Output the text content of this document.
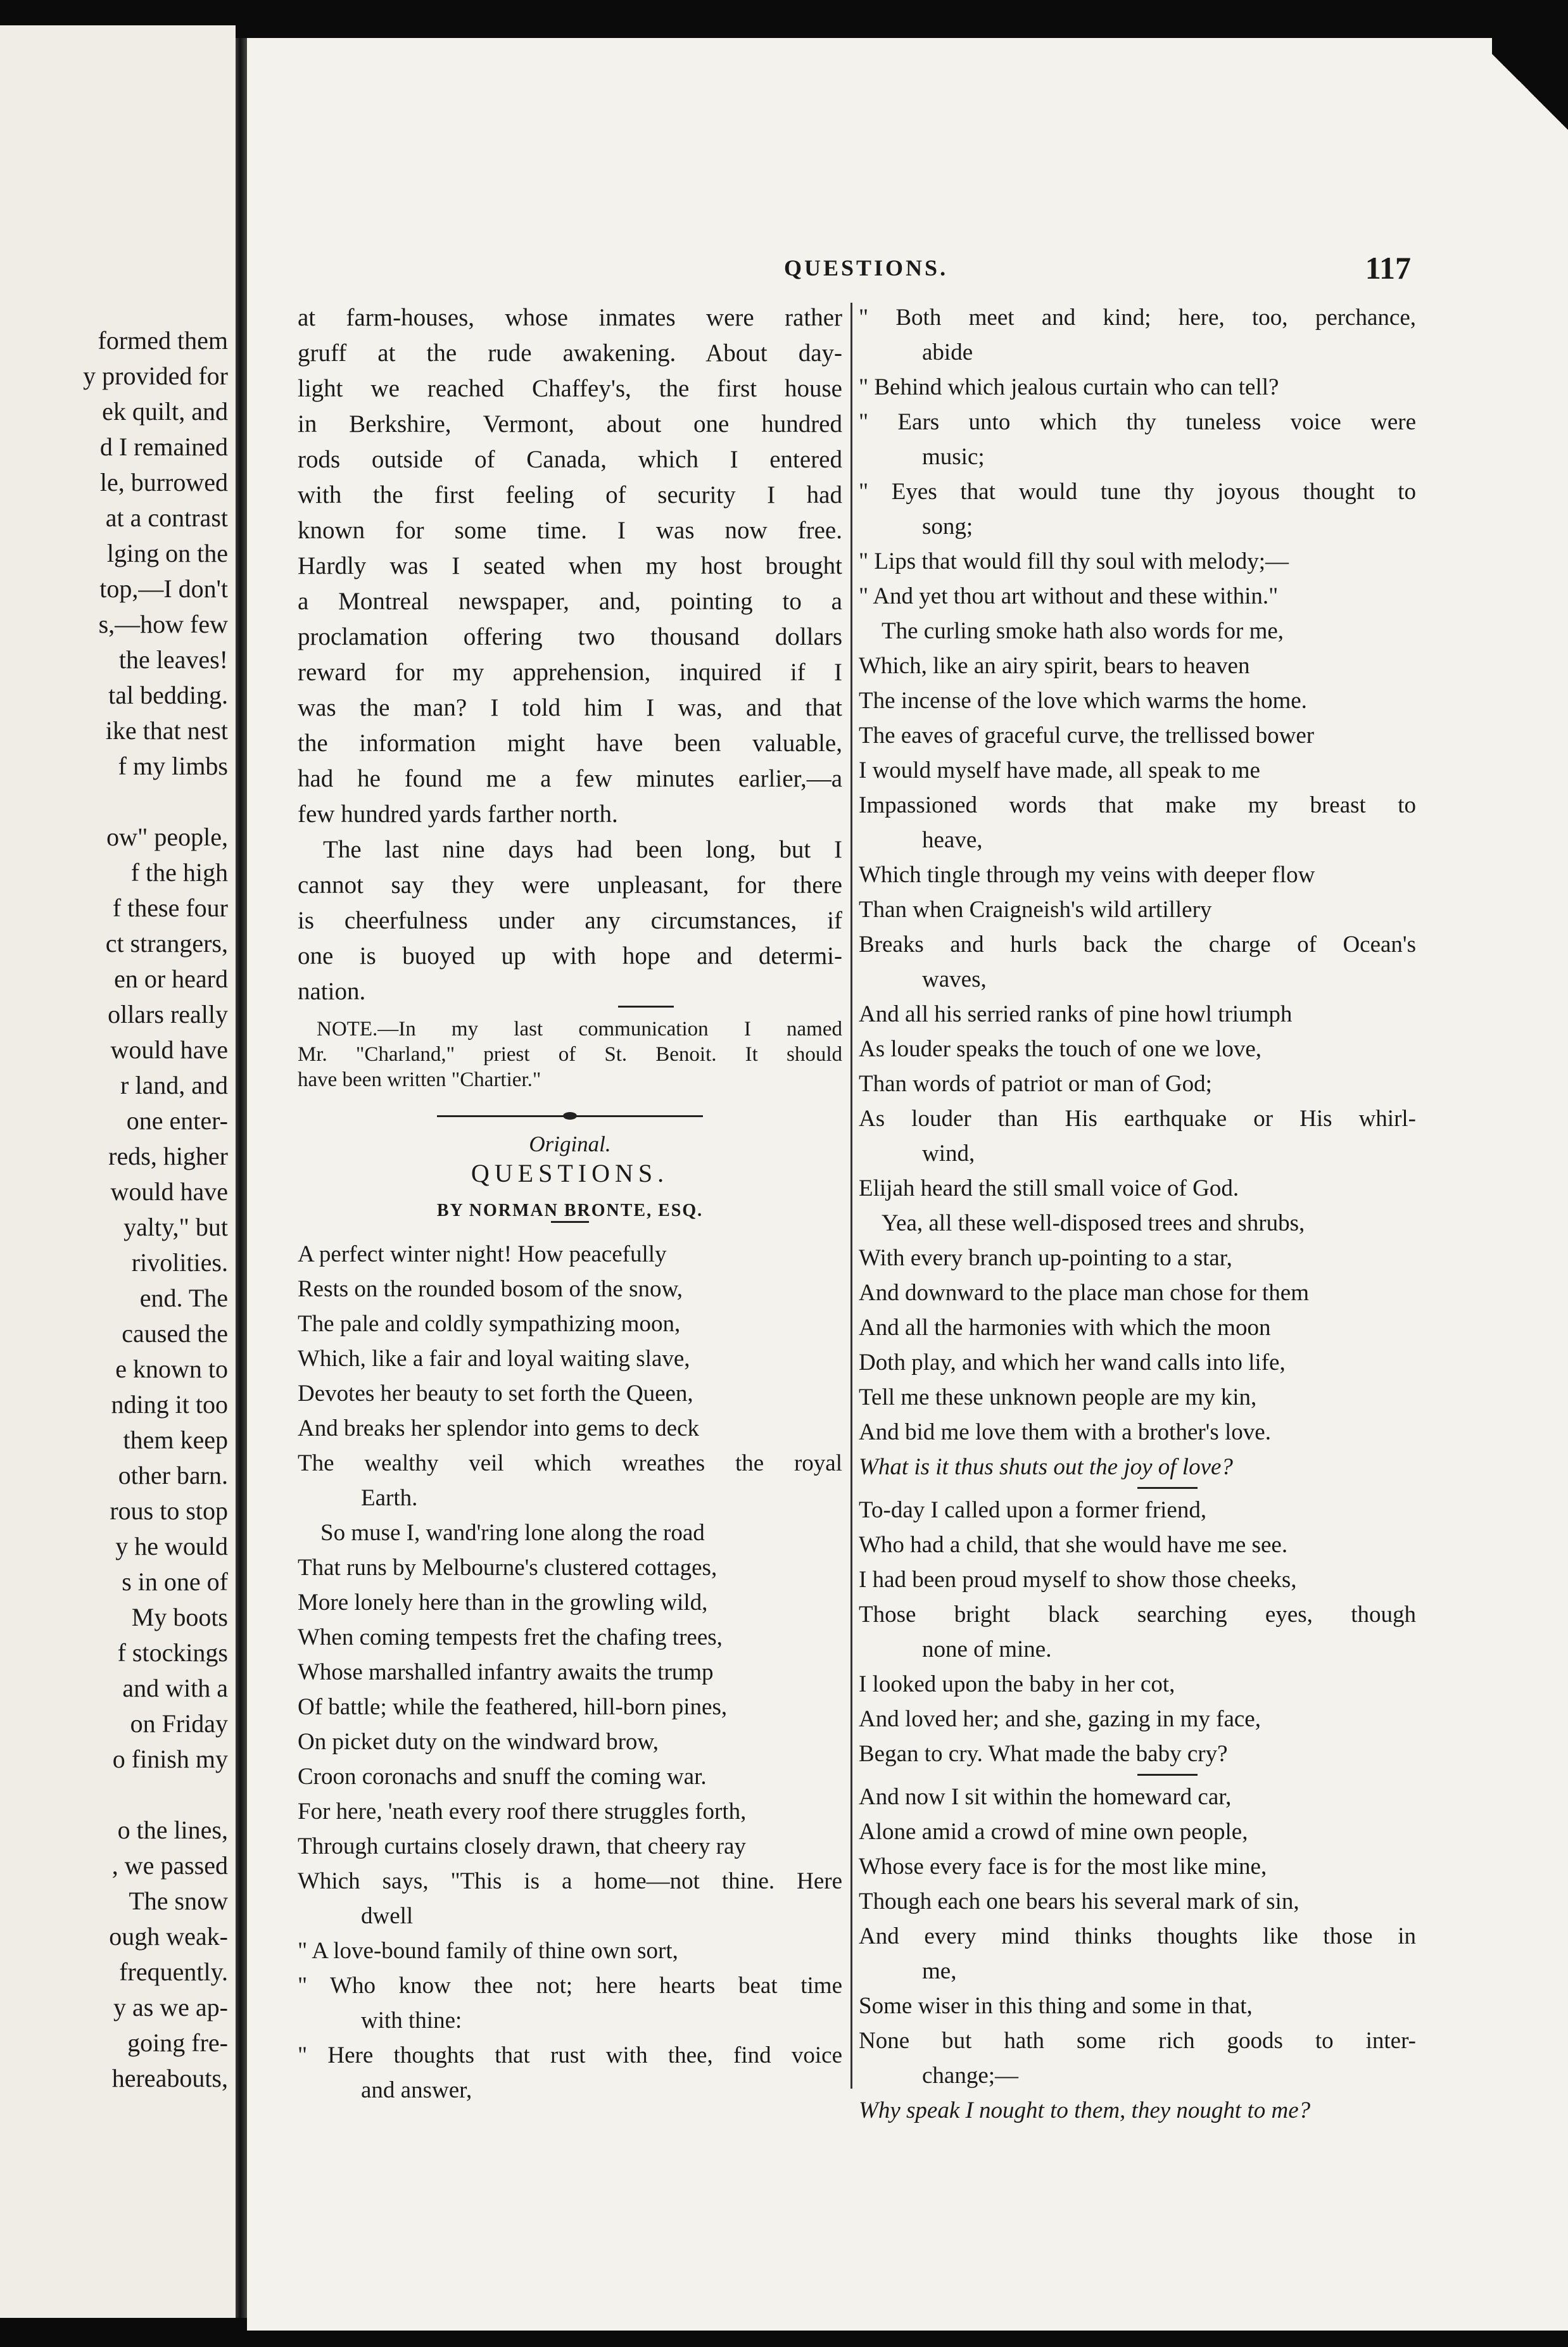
formed them
y provided for
ek quilt, and
d I remained
le, burrowed
at a contrast
lging on the
top,—I don't
s,—how few
the leaves!
tal bedding.
ike that nest
f my limbs
ow" people,
f the high
f these four
ct strangers,
en or heard
ollars really
would have
r land, and
one enter-
reds, higher
would have
yalty," but
rivolities.
end. The
caused the
e known to
nding it too
them keep
other barn.
rous to stop
y he would
s in one of
My boots
f stockings
and with a
on Friday
o finish my
o the lines,
, we passed
The snow
ough weak-
frequently.
y as we ap-
going fre-
hereabouts,
QUESTIONS.	117
at farm-houses, whose inmates were rather
gruff at the rude awakening. About day-
light we reached Chaffey's, the first house
in Berkshire, Vermont, about one hundred
rods outside of Canada, which I entered
with the first feeling of security I had
known for some time. I was now free.
Hardly was I seated when my host brought
a Montreal newspaper, and, pointing to a
proclamation offering two thousand dollars
reward for my apprehension, inquired if I
was the man? I told him I was, and that
the information might have been valuable,
had he found me a few minutes earlier,—a
few hundred yards farther north.
The last nine days had been long, but I
cannot say they were unpleasant, for there
is cheerfulness under any circumstances, if
one is buoyed up with hope and determi-
nation.
NOTE.—In my last communication I named
Mr. "Charland," priest of St. Benoit. It should
have been written "Chartier."
Original.
QUESTIONS.
BY NORMAN BRONTE, ESQ.
A perfect winter night! How peacefully
Rests on the rounded bosom of the snow,
The pale and coldly sympathizing moon,
Which, like a fair and loyal waiting slave,
Devotes her beauty to set forth the Queen,
And breaks her splendor into gems to deck
The wealthy veil which wreathes the royal
Earth.
So muse I, wand'ring lone along the road
That runs by Melbourne's clustered cottages,
More lonely here than in the growling wild,
When coming tempests fret the chafing trees,
Whose marshalled infantry awaits the trump
Of battle; while the feathered, hill-born pines,
On picket duty on the windward brow,
Croon coronachs and snuff the coming war.
For here, 'neath every roof there struggles forth,
Through curtains closely drawn, that cheery ray
Which says, "This is a home—not thine. Here
dwell
" A love-bound family of thine own sort,
" Who know thee not; here hearts beat time
with thine:
" Here thoughts that rust with thee, find voice
and answer,
" Both meet and kind; here, too, perchance,
abide
" Behind which jealous curtain who can tell?
" Ears unto which thy tuneless voice were
music;
" Eyes that would tune thy joyous thought to
song;
" Lips that would fill thy soul with melody;—
" And yet thou art without and these within."
The curling smoke hath also words for me,
Which, like an airy spirit, bears to heaven
The incense of the love which warms the home.
The eaves of graceful curve, the trellissed bower
I would myself have made, all speak to me
Impassioned words that make my breast to
heave,
Which tingle through my veins with deeper flow
Than when Craigneish's wild artillery
Breaks and hurls back the charge of Ocean's
waves,
And all his serried ranks of pine howl triumph
As louder speaks the touch of one we love,
Than words of patriot or man of God;
As louder than His earthquake or His whirl-
wind,
Elijah heard the still small voice of God.
Yea, all these well-disposed trees and shrubs,
With every branch up-pointing to a star,
And downward to the place man chose for them
And all the harmonies with which the moon
Doth play, and which her wand calls into life,
Tell me these unknown people are my kin,
And bid me love them with a brother's love.
What is it thus shuts out the joy of love?
To-day I called upon a former friend,
Who had a child, that she would have me see.
I had been proud myself to show those cheeks,
Those bright black searching eyes, though
none of mine.
I looked upon the baby in her cot,
And loved her; and she, gazing in my face,
Began to cry. What made the baby cry?
And now I sit within the homeward car,
Alone amid a crowd of mine own people,
Whose every face is for the most like mine,
Though each one bears his several mark of sin,
And every mind thinks thoughts like those in
me,
Some wiser in this thing and some in that,
None but hath some rich goods to inter-
change;—
Why speak I nought to them, they nought to me?
